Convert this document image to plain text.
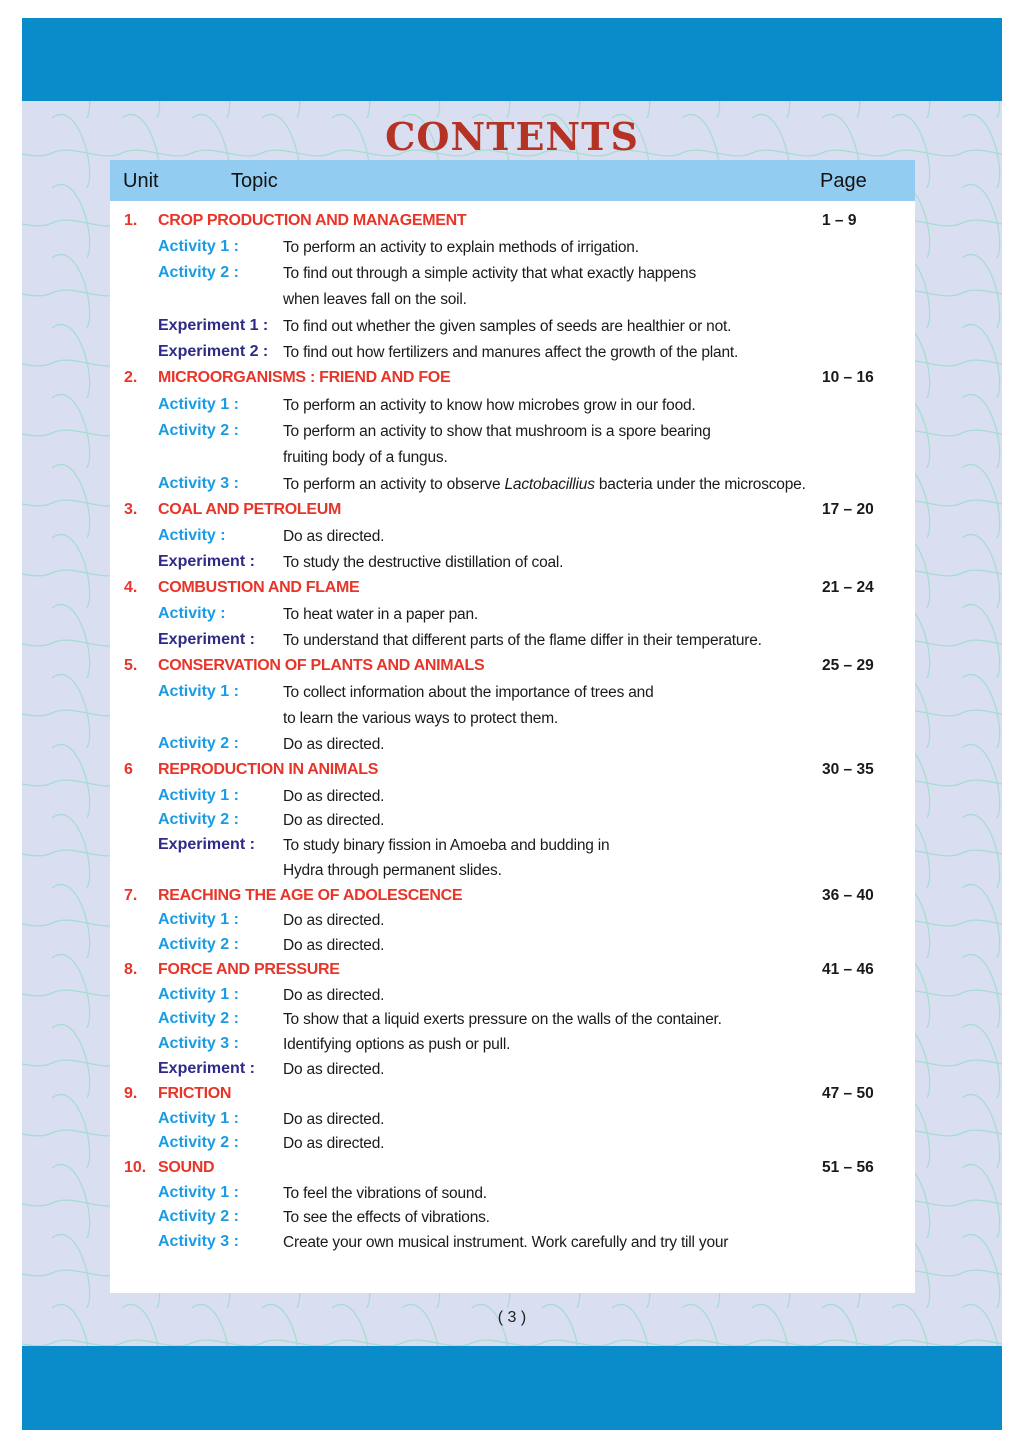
CONTENTS
Unit	Topic	Page
1. CROP PRODUCTION AND MANAGEMENT	1 – 9
Activity 1 :	To perform an activity to explain methods of irrigation.
Activity 2 :	To find out through a simple activity that what exactly happens
when leaves fall on the soil.
Experiment 1 : To find out whether the given samples of seeds are healthier or not.
Experiment 2 : To find out how fertilizers and manures affect the growth of the plant.
2. MICROORGANISMS : FRIEND AND FOE	10 – 16
Activity 1 :	To perform an activity to know how microbes grow in our food.
Activity 2 :	To perform an activity to show that mushroom is a spore bearing
fruiting body of a fungus.
Activity 3 :	To perform an activity to observe Lactobacillius bacteria under the microscope.
3. COAL AND PETROLEUM	17 – 20
Activity :	Do as directed.
Experiment : To study the destructive distillation of coal.
4. COMBUSTION AND FLAME	21 – 24
Activity :	To heat water in a paper pan.
Experiment : To understand that different parts of the flame differ in their temperature.
5. CONSERVATION OF PLANTS AND ANIMALS	25 – 29
Activity 1 :	To collect information about the importance of trees and
to learn the various ways to protect them.
Activity 2 :	Do as directed.
6 REPRODUCTION IN ANIMALS	30 – 35
Activity 1 :	Do as directed.
Activity 2 :	Do as directed.
Experiment : To study binary fission in Amoeba and budding in
Hydra through permanent slides.
7. REACHING THE AGE OF ADOLESCENCE	36 – 40
Activity 1 :	Do as directed.
Activity 2 :	Do as directed.
8. FORCE AND PRESSURE	41 – 46
Activity 1 :	Do as directed.
Activity 2 :	To show that a liquid exerts pressure on the walls of the container.
Activity 3 :	Identifying options as push or pull.
Experiment : Do as directed.
9. FRICTION	47 – 50
Activity 1 :	Do as directed.
Activity 2 :	Do as directed.
10. SOUND	51 – 56
Activity 1 :	To feel the vibrations of sound.
Activity 2 :	To see the effects of vibrations.
Activity 3 :	Create your own musical instrument. Work carefully and try till your
( 3 )
